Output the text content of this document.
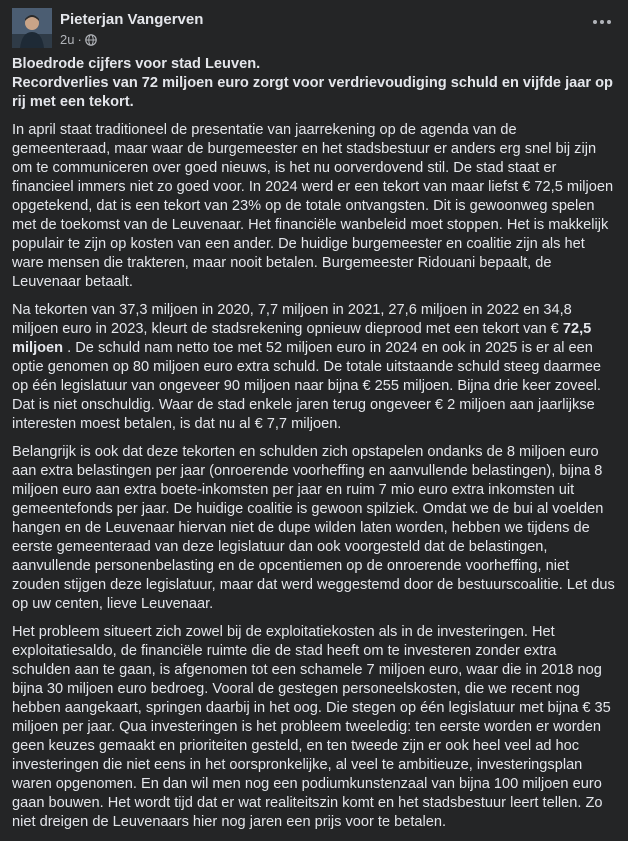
Pieterjan Vangerven
2u ·

Bloedrode cijfers voor stad Leuven.
Recordverlies van 72 miljoen euro zorgt voor verdrievoudiging schuld en vijfde jaar op rij met een tekort.

In april staat traditioneel de presentatie van jaarrekening op de agenda van de gemeenteraad, maar waar de burgemeester en het stadsbestuur er anders erg snel bij zijn om te communiceren over goed nieuws, is het nu oorverdovend stil. De stad staat er financieel immers niet zo goed voor. In 2024 werd er een tekort van maar liefst € 72,5 miljoen opgetekend, dat is een tekort van 23% op de totale ontvangsten. Dit is gewoonweg spelen met de toekomst van de Leuvenaar. Het financiële wanbeleid moet stoppen. Het is makkelijk populair te zijn op kosten van een ander. De huidige burgemeester en coalitie zijn als het ware mensen die trakteren, maar nooit betalen. Burgemeester Ridouani bepaalt, de Leuvenaar betaalt.

Na tekorten van 37,3 miljoen in 2020, 7,7 miljoen in 2021, 27,6 miljoen in 2022 en 34,8 miljoen euro in 2023, kleurt de stadsrekening opnieuw dieprood met een tekort van € 72,5 miljoen . De schuld nam netto toe met 52 miljoen euro in 2024 en ook in 2025 is er al een optie genomen op 80 miljoen euro extra schuld. De totale uitstaande schuld steeg daarmee op één legislatuur van ongeveer 90 miljoen naar bijna € 255 miljoen. Bijna drie keer zoveel. Dat is niet onschuldig. Waar de stad enkele jaren terug ongeveer € 2 miljoen aan jaarlijkse interesten moest betalen, is dat nu al € 7,7 miljoen.

Belangrijk is ook dat deze tekorten en schulden zich opstapelen ondanks de 8 miljoen euro aan extra belastingen per jaar (onroerende voorheffing en aanvullende belastingen), bijna 8 miljoen euro aan extra boete-inkomsten per jaar en ruim 7 mio euro extra inkomsten uit gemeentefonds per jaar. De huidige coalitie is gewoon spilziek. Omdat we de bui al voelden hangen en de Leuvenaar hiervan niet de dupe wilden laten worden, hebben we tijdens de eerste gemeenteraad van deze legislatuur dan ook voorgesteld dat de belastingen, aanvullende personenbelasting en de opcentiemen op de onroerende voorheffing, niet zouden stijgen deze legislatuur, maar dat werd weggestemd door de bestuurscoalitie. Let dus op uw centen, lieve Leuvenaar.

Het probleem situeert zich zowel bij de exploitatiekosten als in de investeringen. Het exploitatiesaldo, de financiële ruimte die de stad heeft om te investeren zonder extra schulden aan te gaan, is afgenomen tot een schamele 7 miljoen euro, waar die in 2018 nog bijna 30 miljoen euro bedroeg. Vooral de gestegen personeelskosten, die we recent nog hebben aangekaart, springen daarbij in het oog. Die stegen op één legislatuur met bijna € 35 miljoen per jaar. Qua investeringen is het probleem tweeledig: ten eerste worden er worden geen keuzes gemaakt en prioriteiten gesteld, en ten tweede zijn er ook heel veel ad hoc investeringen die niet eens in het oorspronkelijke, al veel te ambitieuze, investeringsplan waren opgenomen. En dan wil men nog een podiumkunstenzaal van bijna 100 miljoen euro gaan bouwen. Het wordt tijd dat er wat realiteitszin komt en het stadsbestuur leert tellen. Zo niet dreigen de Leuvenaars hier nog jaren een prijs voor te betalen.
